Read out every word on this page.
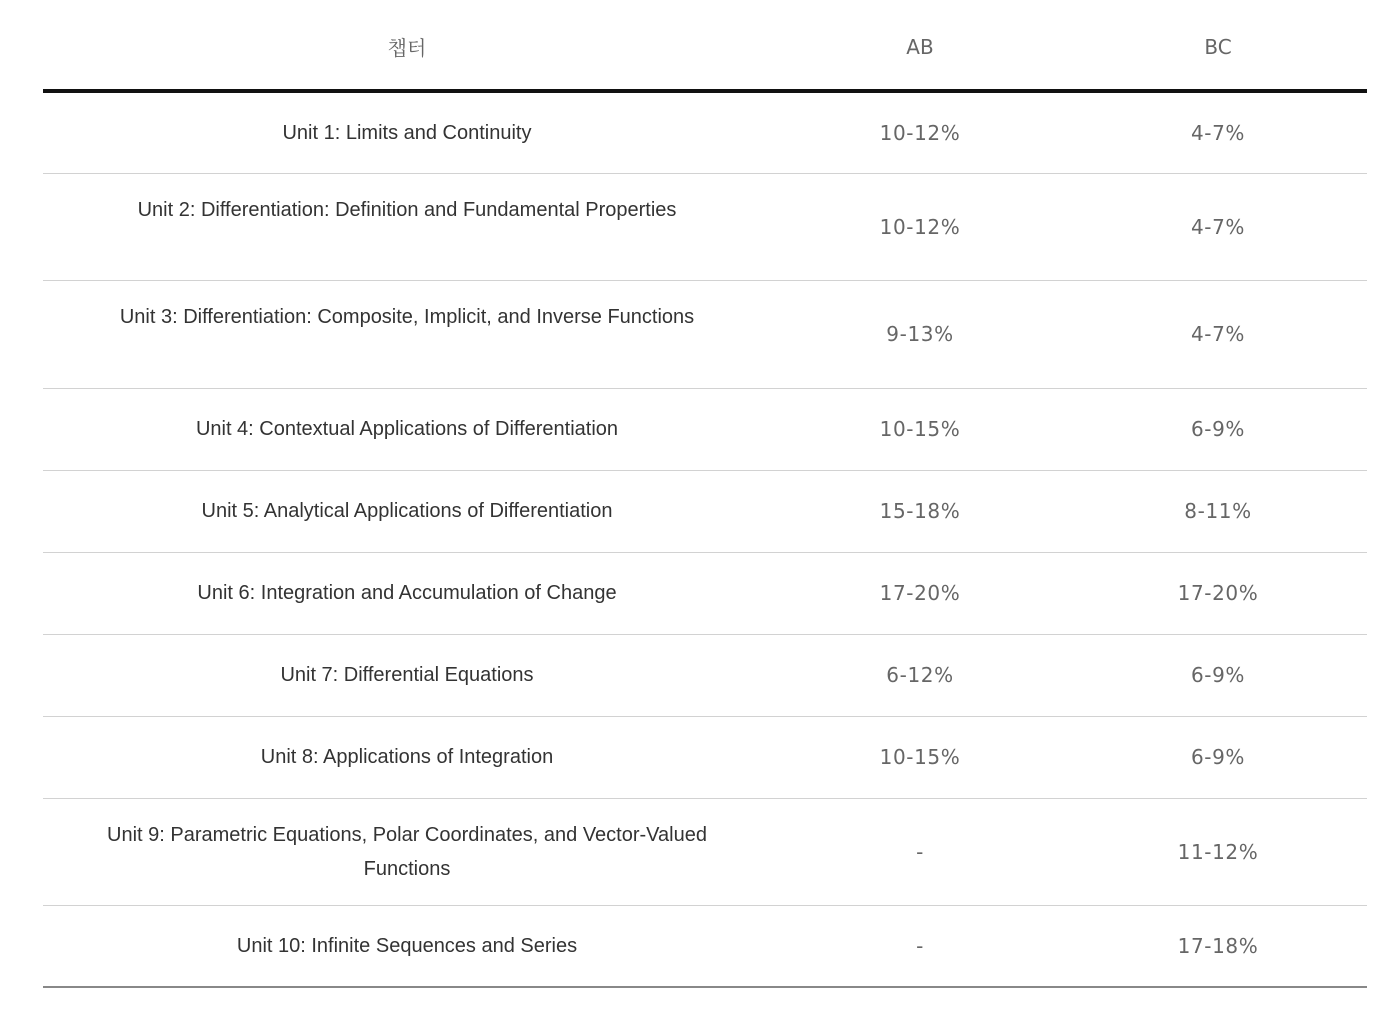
챕터	AB	BC
Unit 1: Limits and Continuity	10-12%	4-7%
Unit 2: Differentiation: Definition and Fundamental Properties	10-12%	4-7%
Unit 3: Differentiation: Composite, Implicit, and Inverse Functions	9-13%	4-7%
Unit 4: Contextual Applications of Differentiation	10-15%	6-9%
Unit 5: Analytical Applications of Differentiation	15-18%	8-11%
Unit 6: Integration and Accumulation of Change	17-20%	17-20%
Unit 7: Differential Equations	6-12%	6-9%
Unit 8: Applications of Integration	10-15%	6-9%
Unit 9: Parametric Equations, Polar Coordinates, and Vector-Valued Functions	-	11-12%
Unit 10: Infinite Sequences and Series	-	17-18%
